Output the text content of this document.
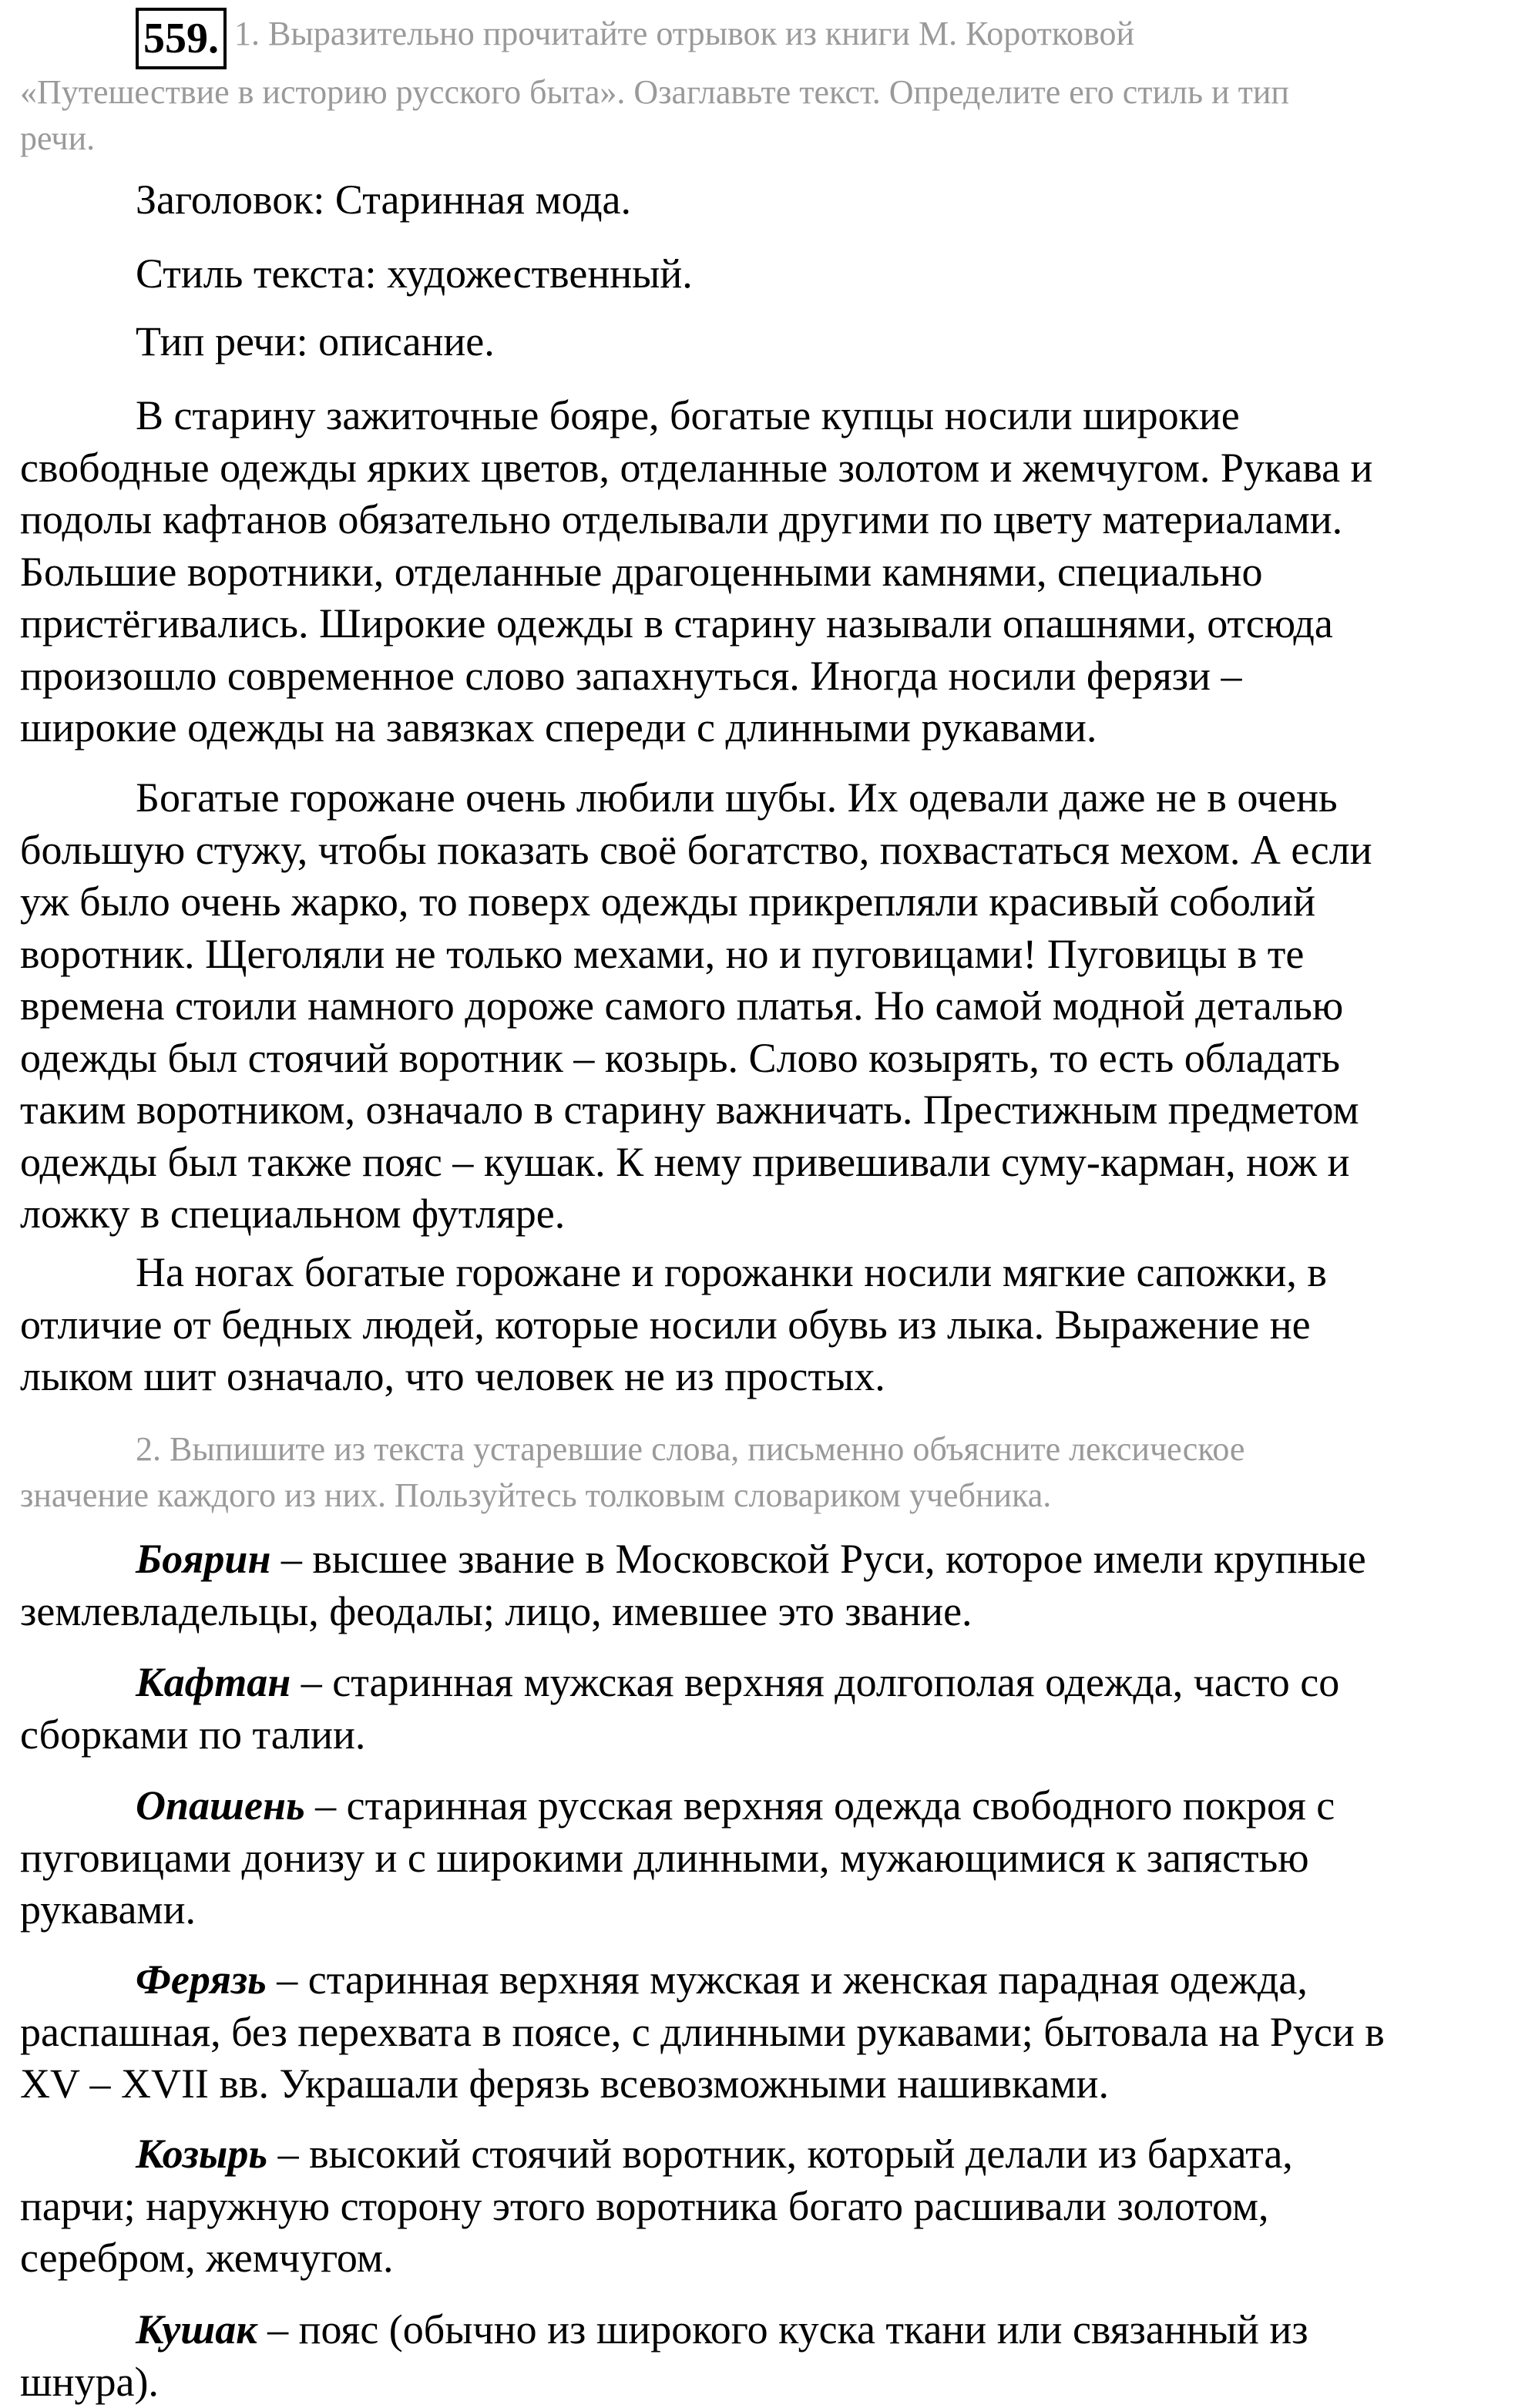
559. 1. Выразительно прочитайте отрывок из книги М. Коротковой
«Путешествие в историю русского быта». Озаглавьте текст. Определите его стиль и тип
речи.
Заголовок: Старинная мода.
Стиль текста: художественный.
Тип речи: описание.
В старину зажиточные бояре, богатые купцы носили широкие
свободные одежды ярких цветов, отделанные золотом и жемчугом. Рукава и
подолы кафтанов обязательно отделывали другими по цвету материалами.
Большие воротники, отделанные драгоценными камнями, специально
пристёгивались. Широкие одежды в старину называли опашнями, отсюда
произошло современное слово запахнуться. Иногда носили ферязи –
широкие одежды на завязках спереди с длинными рукавами.
Богатые горожане очень любили шубы. Их одевали даже не в очень
большую стужу, чтобы показать своё богатство, похвастаться мехом. А если
уж было очень жарко, то поверх одежды прикрепляли красивый соболий
воротник. Щеголяли не только мехами, но и пуговицами! Пуговицы в те
времена стоили намного дороже самого платья. Но самой модной деталью
одежды был стоячий воротник – козырь. Слово козырять, то есть обладать
таким воротником, означало в старину важничать. Престижным предметом
одежды был также пояс – кушак. К нему привешивали суму-карман, нож и
ложку в специальном футляре.
На ногах богатые горожане и горожанки носили мягкие сапожки, в
отличие от бедных людей, которые носили обувь из лыка. Выражение не
лыком шит означало, что человек не из простых.
2. Выпишите из текста устаревшие слова, письменно объясните лексическое
значение каждого из них. Пользуйтесь толковым словариком учебника.
Боярин – высшее звание в Московской Руси, которое имели крупные
землевладельцы, феодалы; лицо, имевшее это звание.
Кафтан – старинная мужская верхняя долгополая одежда, часто со
сборками по талии.
Опашень – старинная русская верхняя одежда свободного покроя с
пуговицами донизу и с широкими длинными, мужающимися к запястью
рукавами.
Ферязь – старинная верхняя мужская и женская парадная одежда,
распашная, без перехвата в поясе, с длинными рукавами; бытовала на Руси в
XV – XVII вв. Украшали ферязь всевозможными нашивками.
Козырь – высокий стоячий воротник, который делали из бархата,
парчи; наружную сторону этого воротника богато расшивали золотом,
серебром, жемчугом.
Кушак – пояс (обычно из широкого куска ткани или связанный из
шнура).
